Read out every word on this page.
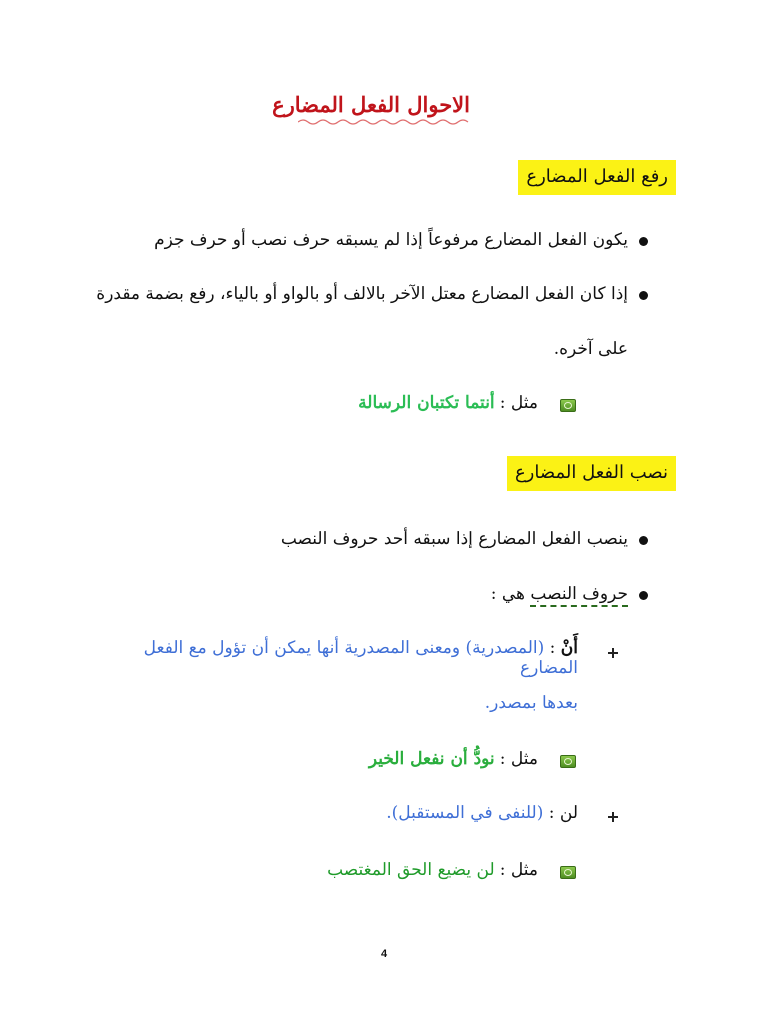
الاحوال الفعل المضارع
رفع الفعل المضارع
يكون الفعل المضارع مرفوعاً إذا لم يسبقه حرف نصب أو حرف جزم
إذا كان الفعل المضارع معتل الآخر بالالف أو بالواو أو بالياء، رفع بضمة مقدرة
على آخره.
مثل : أنتما تكتبان الرسالة
نصب الفعل المضارع
ينصب الفعل المضارع إذا سبقه أحد حروف النصب
حروف النصب هي :
أَنْ : (المصدرية) ومعنى المصدرية أنها يمكن أن تؤول مع الفعل المضارع
بعدها بمصدر.
مثل : نودُّ أن نفعل الخير
لن : (للنفى في المستقبل).
مثل : لن يضيع الحق المغتصب
4
